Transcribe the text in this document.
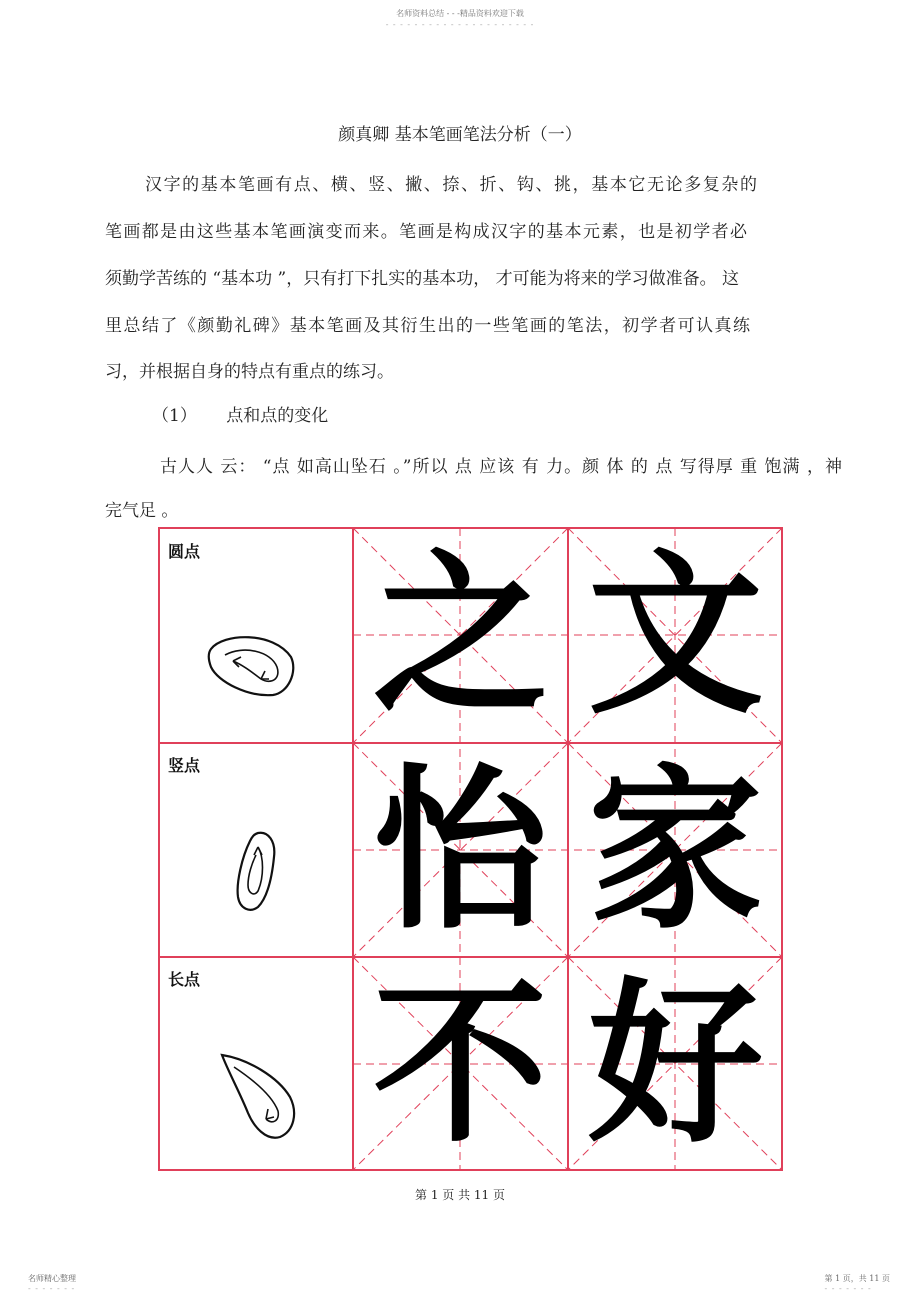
名师资料总结 - - -精品资料欢迎下载
- - - - - - - - - - - - - - - - - - - - -
颜真卿 基本笔画笔法分析（一）
汉字的基本笔画有点、横、竖、撇、捺、折、钩、挑，基本它无论多复杂的
笔画都是由这些基本笔画演变而来。笔画是构成汉字的基本元素，也是初学者必
须勤学苦练的 “基本功 ”，只有打下扎实的基本功， 才可能为将来的学习做准备。 这
里总结了《颜勤礼碑》基本笔画及其衍生出的一些笔画的笔法，初学者可认真练
习，并根据自身的特点有重点的练习。
（1） 点和点的变化
古人人 云： “点 如高山坠石 。”所以 点 应该 有 力。颜 体 的 点 写得厚 重 饱满 ，神
完气足 。
圆点
竖点
长点
之 文
怡 家
不 好
第 1 页 共 11 页
名师精心整理
- - - - - - -
第 1 页，共 11 页
- - - - - - -
